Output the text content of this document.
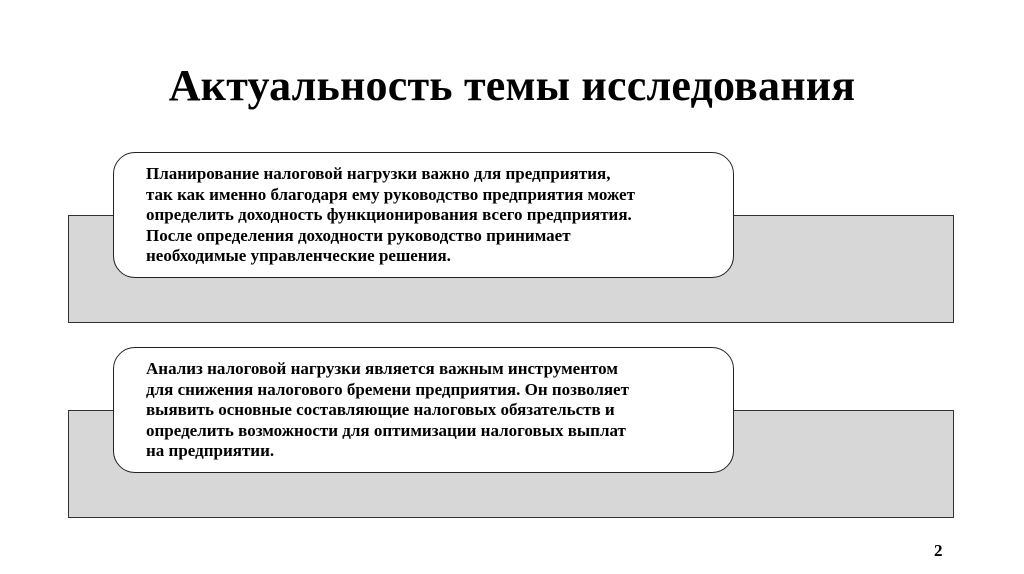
Актуальность темы исследования

Планирование налоговой нагрузки важно для предприятия,
так как именно благодаря ему руководство предприятия может
определить доходность функционирования всего предприятия.
После определения доходности руководство принимает
необходимые управленческие решения.

Анализ налоговой нагрузки является важным инструментом
для снижения налогового бремени предприятия. Он позволяет
выявить основные составляющие налоговых обязательств и
определить возможности для оптимизации налоговых выплат
на предприятии.

2
